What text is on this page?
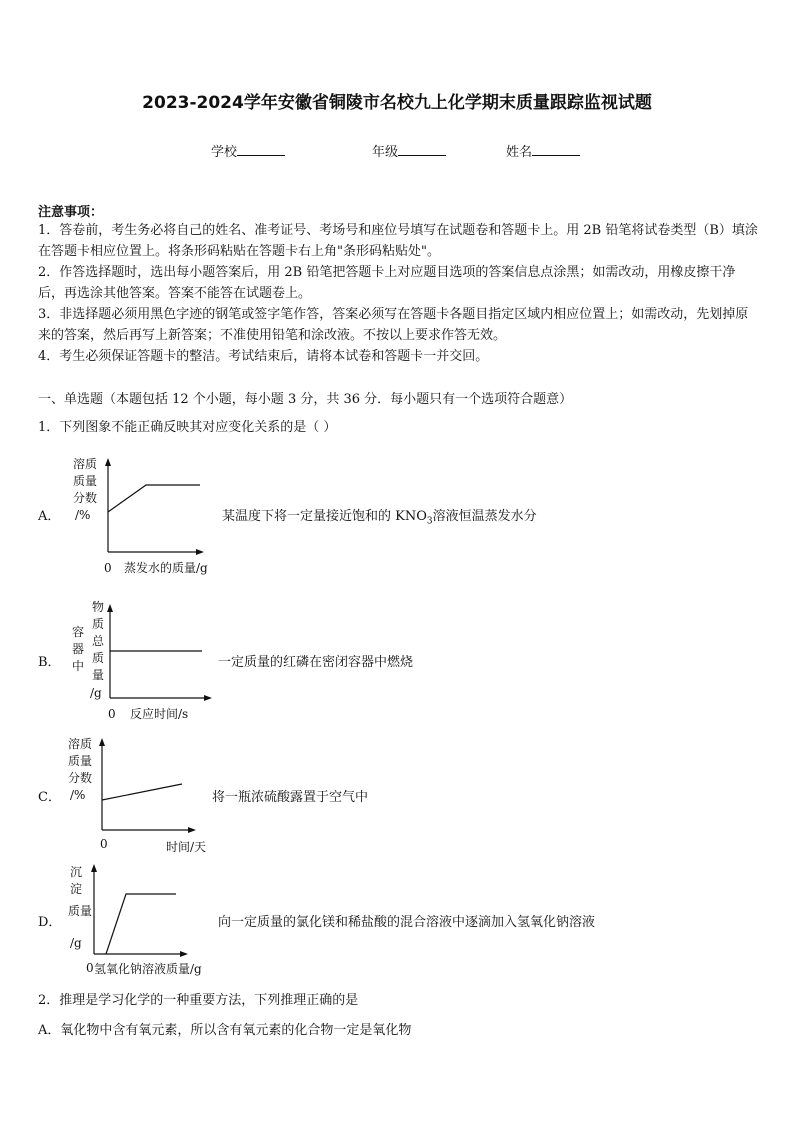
2023-2024学年安徽省铜陵市名校九上化学期末质量跟踪监视试题
学校	年级	姓名
注意事项：

1．答卷前，考生务必将自己的姓名、准考证号、考场号和座位号填写在试题卷和答题卡上。用 2B 铅笔将试卷类型（B）填涂在答题卡相应位置上。将条形码粘贴在答题卡右上角"条形码粘贴处"。

2．作答选择题时，选出每小题答案后，用 2B 铅笔把答题卡上对应题目选项的答案信息点涂黑；如需改动，用橡皮擦干净后，再选涂其他答案。答案不能答在试题卷上。

3．非选择题必须用黑色字迹的钢笔或签字笔作答，答案必须写在答题卡各题目指定区域内相应位置上；如需改动，先划掉原来的答案，然后再写上新答案；不准使用铅笔和涂改液。不按以上要求作答无效。

4．考生必须保证答题卡的整洁。考试结束后，请将本试卷和答题卡一并交回。

一、单选题（本题包括 12 个小题，每小题 3 分，共 36 分．每小题只有一个选项符合题意）
1．下列图象不能正确反映其对应变化关系的是（ ）
A．
溶质
质量
分数
/%
0 蒸发水的质量/g
某温度下将一定量接近饱和的 $KNO_3$溶液恒温蒸发水分
B．
容
器
中
物
质
总
质
量
/g
0 反应时间/s
一定质量的红磷在密闭容器中燃烧
C．
溶质
质量
分数
/%
0	时间/天
将一瓶浓硫酸露置于空气中
D．
沉
淀
质量
/g
0 氢氧化钠溶液质量/g
向一定质量的氯化镁和稀盐酸的混合溶液中逐滴加入氢氧化钠溶液
2．推理是学习化学的一种重要方法，下列推理正确的是
A．氧化物中含有氧元素，所以含有氧元素的化合物一定是氧化物
